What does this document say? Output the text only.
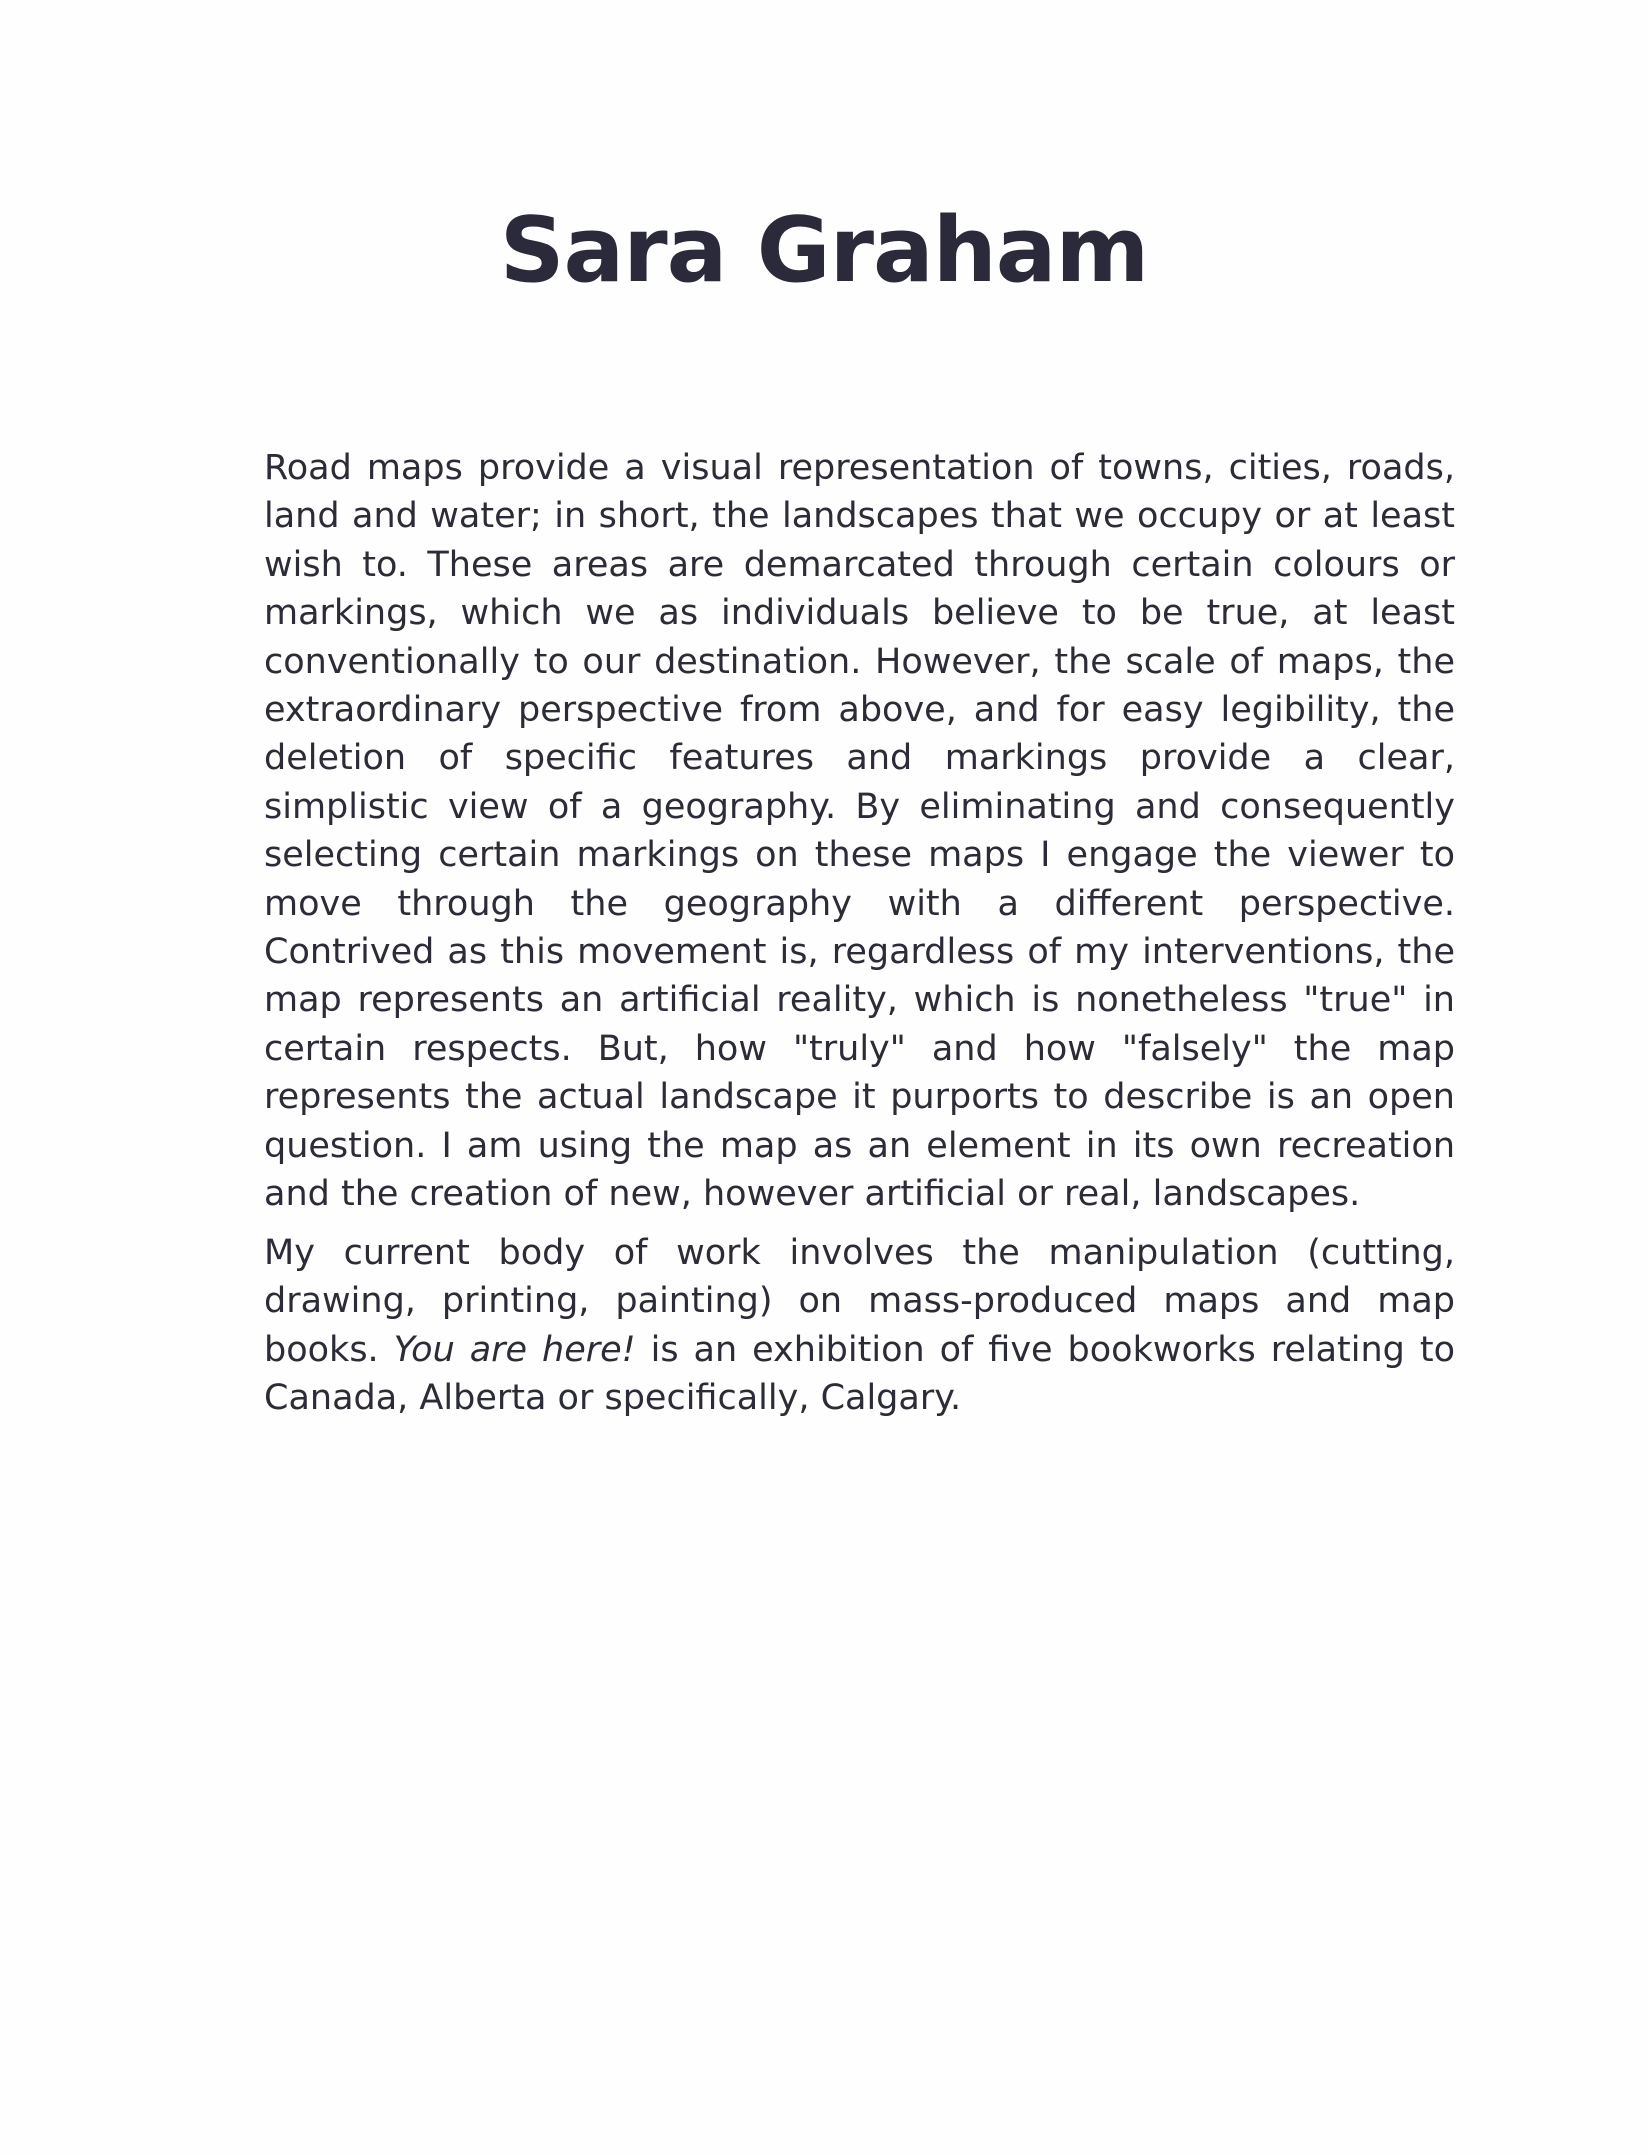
Sara Graham

Road maps provide a visual representation of towns, cities, roads, land and water; in short, the landscapes that we occupy or at least wish to. These areas are demarcated through certain colours or markings, which we as individuals believe to be true, at least conventionally to our destination. However, the scale of maps, the extraordinary perspective from above, and for easy legibility, the deletion of specific features and markings provide a clear, simplistic view of a geography. By eliminating and consequently selecting certain markings on these maps I engage the viewer to move through the geography with a different perspective. Contrived as this movement is, regardless of my interventions, the map represents an artificial reality, which is nonetheless "true" in certain respects. But, how "truly" and how "falsely" the map represents the actual landscape it purports to describe is an open question. I am using the map as an element in its own recreation and the creation of new, however artificial or real, landscapes.

My current body of work involves the manipulation (cutting, drawing, printing, painting) on mass-produced maps and map books. You are here! is an exhibition of five bookworks relating to Canada, Alberta or specifically, Calgary.
